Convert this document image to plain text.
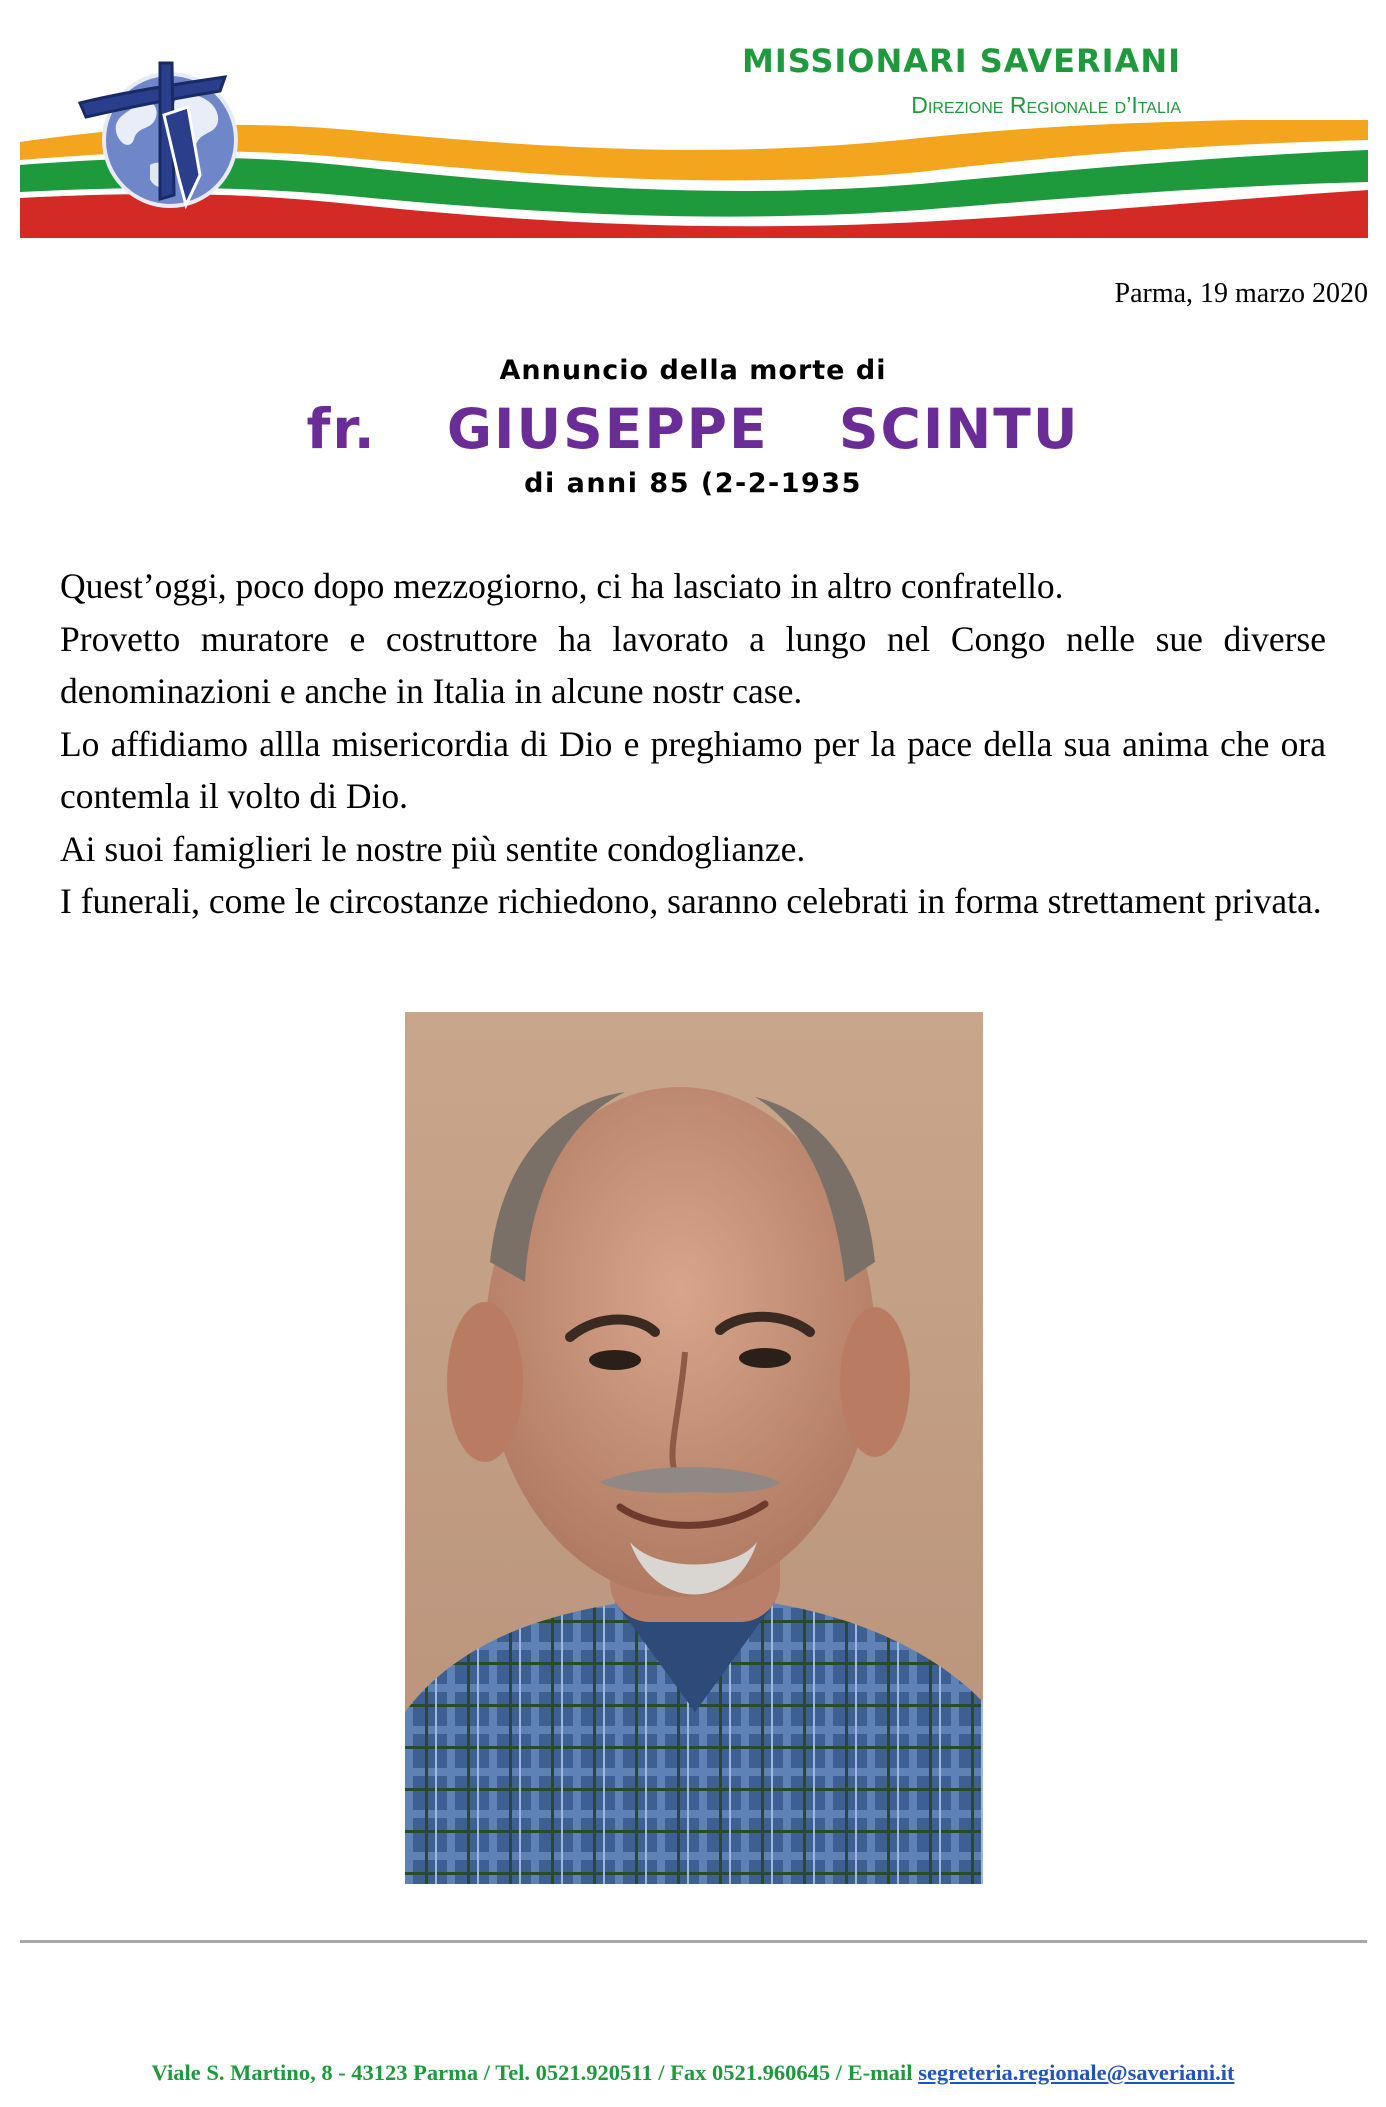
MISSIONARI SAVERIANI
Direzione Regionale d’Italia
Parma, 19 marzo 2020
Annuncio della morte di
fr.  GIUSEPPE  SCINTU
di anni 85 (2-2-1935

Quest’oggi, poco dopo mezzogiorno, ci ha lasciato in altro confratello.

Provetto muratore e costruttore ha lavorato a lungo nel Congo nelle sue diverse denominazioni e anche in Italia in alcune nostr case.

Lo affidiamo allla misericordia di Dio e preghiamo per la pace della sua anima che ora contemla il volto di Dio.

Ai suoi famiglieri le nostre più sentite condoglianze.

I funerali, come le circostanze richiedono, saranno celebrati in forma strettament privata.

Viale S. Martino, 8 - 43123 Parma / Tel. 0521.920511 / Fax 0521.960645 / E-mail segreteria.regionale@saveriani.it
